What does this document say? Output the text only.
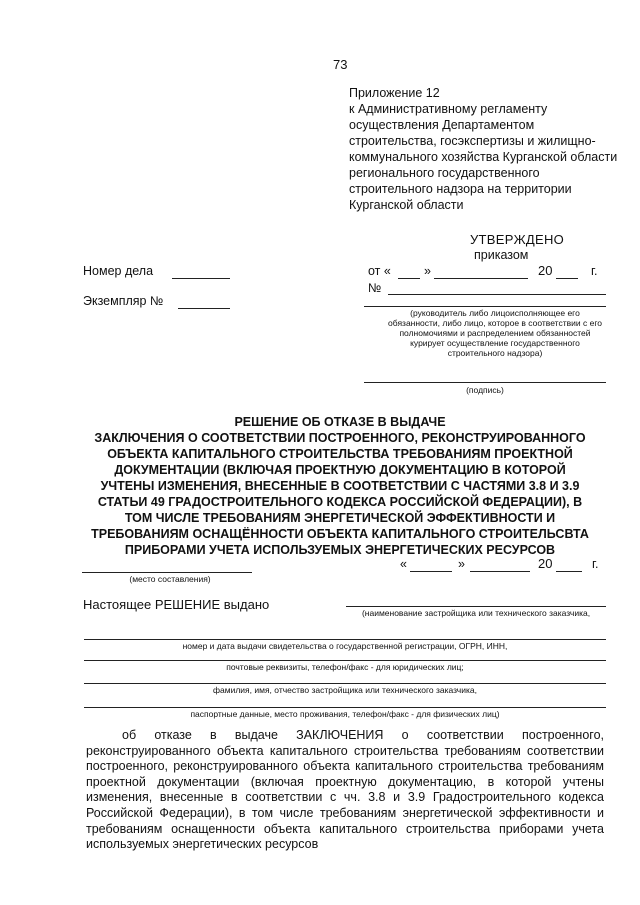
73
Приложение 12
к Административному регламенту осуществления Департаментом строительства, госэкспертизы и жилищно-коммунального хозяйства Курганской области регионального государственного строительного надзора на территории Курганской области
УТВЕРЖДЕНО
приказом
от «	»	20	г.
№
(руководитель либо лицоисполняющее его обязанности, либо лицо, которое в соответствии с его полномочиями и распределением обязанностей курирует осуществление государственного строительного надзора)
(подпись)
Номер дела
Экземпляр №
РЕШЕНИЕ ОБ ОТКАЗЕ В ВЫДАЧЕ
ЗАКЛЮЧЕНИЯ О СООТВЕТСТВИИ ПОСТРОЕННОГО, РЕКОНСТРУИРОВАННОГО
ОБЪЕКТА КАПИТАЛЬНОГО СТРОИТЕЛЬСТВА ТРЕБОВАНИЯМ ПРОЕКТНОЙ
ДОКУМЕНТАЦИИ (ВКЛЮЧАЯ ПРОЕКТНУЮ ДОКУМЕНТАЦИЮ В КОТОРОЙ
УЧТЕНЫ ИЗМЕНЕНИЯ, ВНЕСЕННЫЕ В СООТВЕТСТВИИ С ЧАСТЯМИ 3.8 И 3.9
СТАТЬИ 49 ГРАДОСТРОИТЕЛЬНОГО КОДЕКСА РОССИЙСКОЙ ФЕДЕРАЦИИ), В
ТОМ ЧИСЛЕ ТРЕБОВАНИЯМ ЭНЕРГЕТИЧЕСКОЙ ЭФФЕКТИВНОСТИ И
ТРЕБОВАНИЯМ ОСНАЩЁННОСТИ ОБЪЕКТА КАПИТАЛЬНОГО СТРОИТЕЛЬСВТА
ПРИБОРАМИ УЧЕТА ИСПОЛЬЗУЕМЫХ ЭНЕРГЕТИЧЕСКИХ РЕСУРСОВ
(место составления)
«	»	20	г.
Настоящее РЕШЕНИЕ выдано
(наименование застройщика или технического заказчика,
номер и дата выдачи свидетельства о государственной регистрации, ОГРН, ИНН,
почтовые реквизиты, телефон/факс - для юридических лиц;
фамилия, имя, отчество застройщика или технического заказчика,
паспортные данные, место проживания, телефон/факс - для физических лиц)
об отказе в выдаче ЗАКЛЮЧЕНИЯ о соответствии построенного, реконструированного объекта капитального строительства требованиям соответствии построенного, реконструированного объекта капитального строительства требованиям проектной документации (включая проектную документацию, в которой учтены изменения, внесенные в соответствии с чч. 3.8 и 3.9 Градостроительного кодекса Российской Федерации), в том числе требованиям энергетической эффективности и требованиям оснащенности объекта капитального строительства приборами учета используемых энергетических ресурсов
